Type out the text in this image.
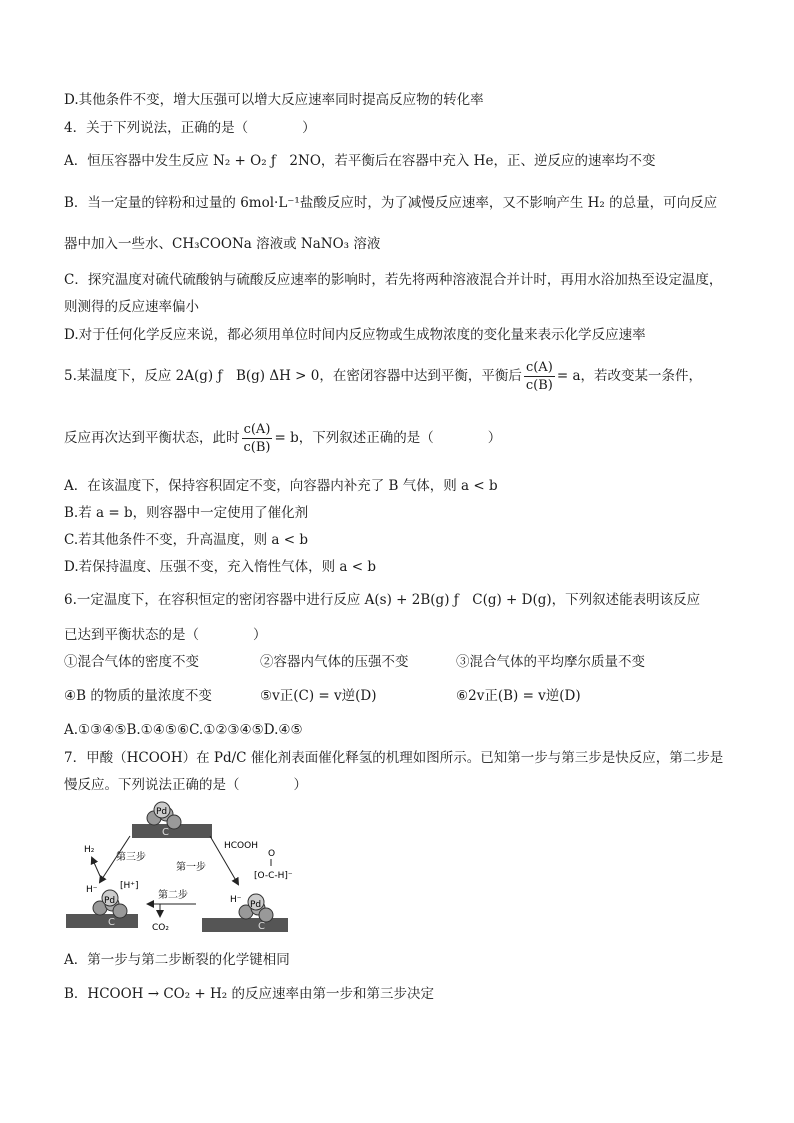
D.其他条件不变，增大压强可以增大反应速率同时提高反应物的转化率
4．关于下列说法，正确的是（　　　　）
A．恒压容器中发生反应 N₂ + O₂ ƒ　2NO，若平衡后在容器中充入 He，正、逆反应的速率均不变
B．当一定量的锌粉和过量的 6mol·L⁻¹盐酸反应时，为了减慢反应速率，又不影响产生 H₂ 的总量，可向反应
器中加入一些水、CH₃COONa 溶液或 NaNO₃ 溶液
C．探究温度对硫代硫酸钠与硫酸反应速率的影响时，若先将两种溶液混合并计时，再用水浴加热至设定温度，
则测得的反应速率偏小
D.对于任何化学反应来说，都必须用单位时间内反应物或生成物浓度的变化量来表示化学反应速率
5.某温度下，反应 2A(g) ƒ　B(g) ΔH > 0，在密闭容器中达到平衡，平衡后 $\frac{c(A)}{c(B)} = a$，若改变某一条件，
反应再次达到平衡状态，此时 $\frac{c(A)}{c(B)} = b$，下列叙述正确的是（　　　　）
A．在该温度下，保持容积固定不变，向容器内补充了 B 气体，则 a < b
B.若 a = b，则容器中一定使用了催化剂
C.若其他条件不变，升高温度，则 a < b
D.若保持温度、压强不变，充入惰性气体，则 a < b
6.一定温度下，在容积恒定的密闭容器中进行反应 A(s) + 2B(g) ƒ　C(g) + D(g)，下列叙述能表明该反应
已达到平衡状态的是（　　　　）
①混合气体的密度不变	②容器内气体的压强不变	③混合气体的平均摩尔质量不变
④B 的物质的量浓度不变	⑤v正(C) = v逆(D)	⑥2v正(B) = v逆(D)
A.①③④⑤B.①④⑤⑥C.①②③④⑤D.④⑤
7．甲酸（HCOOH）在 Pd/C 催化剂表面催化释氢的机理如图所示。已知第一步与第三步是快反应，第二步是
慢反应。下列说法正确的是（　　　　）
C
Pd
C
Pd
H⁻ [H⁺]
C
Pd
H⁻
O
[O-C-H]⁻
H₂	HCOOH
第一步
第二步
第三步
CO₂
A．第一步与第二步断裂的化学键相同
B．HCOOH → CO₂ + H₂ 的反应速率由第一步和第三步决定
